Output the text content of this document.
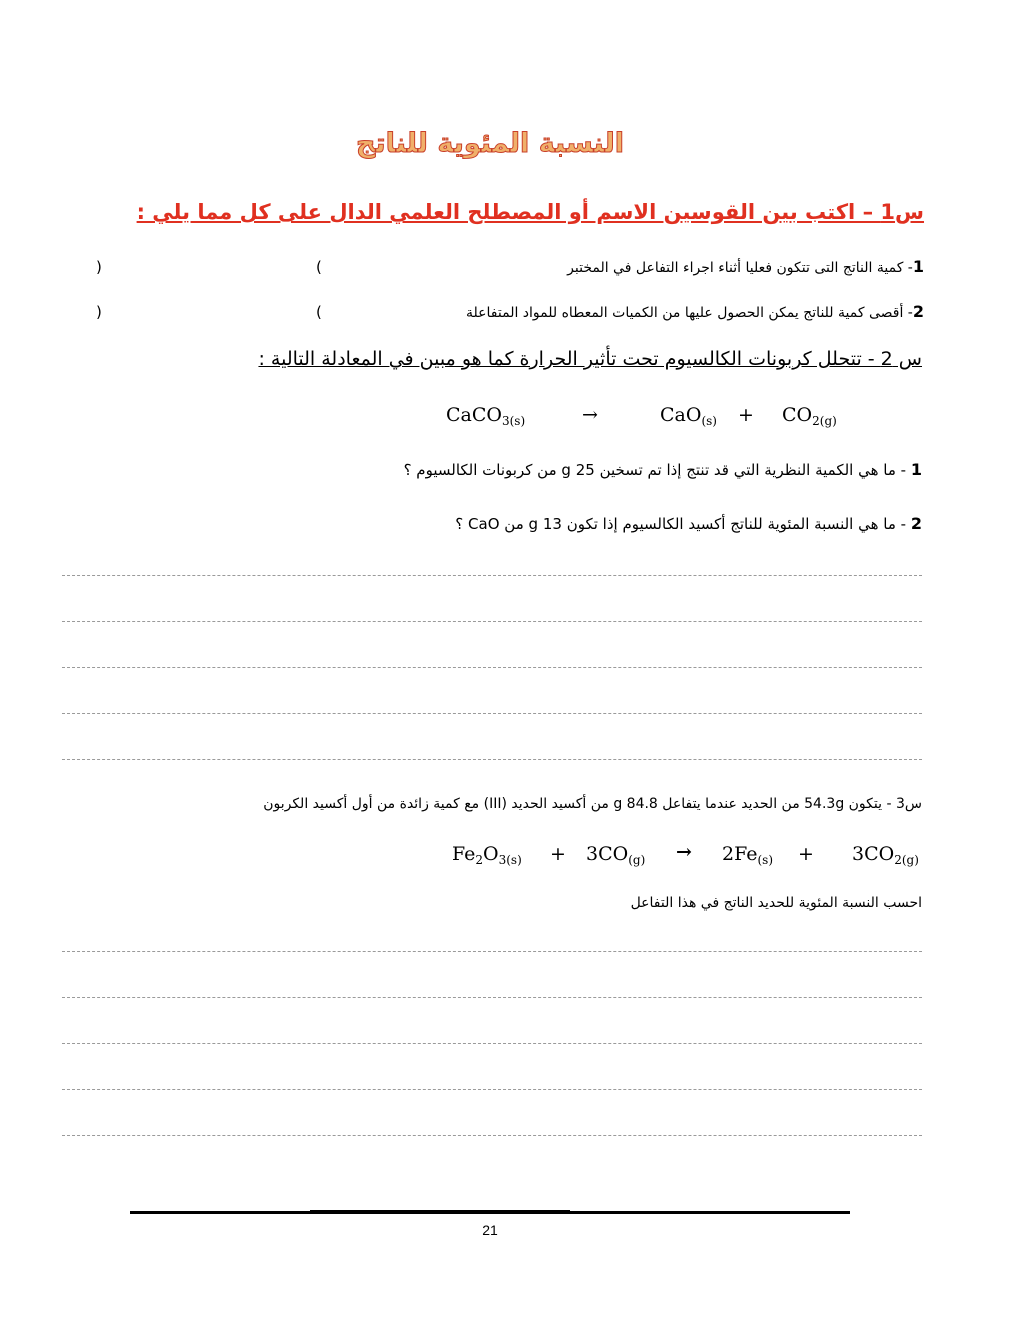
النسبة المئوية للناتج
س1 – اكتب بين القوسين الاسم أو المصطلح العلمي الدال على كل مما يلي :
1- كمية الناتج التى تتكون فعليا أثناء اجراء التفاعل في المختبر
(
)
2- أقصى كمية للناتج يمكن الحصول عليها من الكميات المعطاه للمواد المتفاعلة
(
)
س 2 - تتحلل كربونات الكالسيوم تحت تأثير الحرارة كما هو مبين في المعادلة التالية :
CaCO$_{3(s)}$	→	$CaO_{(s)} + CO_{2(g)}$
1 - ما هي الكمية النظرية التي قد تنتج إذا تم تسخين 25 g من كربونات الكالسيوم ؟
2 - ما هي النسبة المئوية للناتج أكسيد الكالسيوم إذا تكون 13 g من CaO ؟
س3 - يتكون 54.3g من الحديد عندما يتفاعل 84.8 g من أكسيد الحديد (III) مع كمية زائدة من أول أكسيد الكربون
$Fe_2O_{3(s)} + 3CO_{(g)} \to 2Fe_{(s)} + 3CO_{2(g)}$
احسب النسبة المئوية للحديد الناتج في هذا التفاعل
21
